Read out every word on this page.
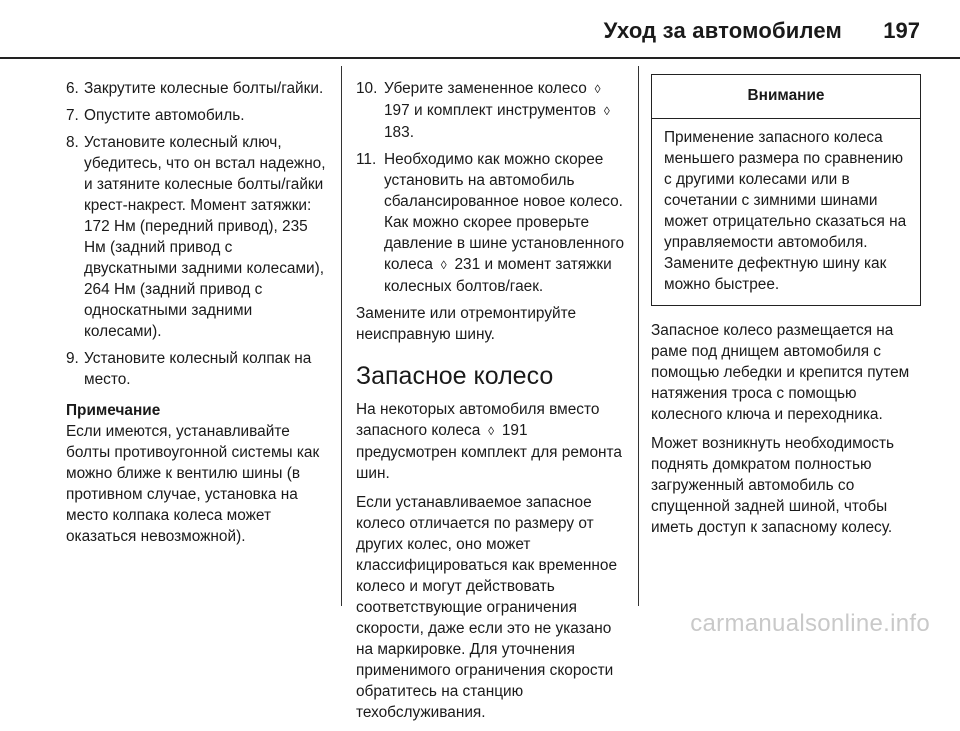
Уход за автомобилем 197
6. Закрутите колесные болты/гайки.
7. Опустите автомобиль.
8. Установите колесный ключ, убедитесь, что он встал надежно, и затяните колесные болты/гайки крест-накрест. Момент затяжки: 172 Нм (передний привод), 235 Нм (задний привод с двускатными задними колесами), 264 Нм (задний привод с односкатными задними колесами).
9. Установите колесный колпак на место.
Примечание
Если имеются, устанавливайте болты противоугонной системы как можно ближе к вентилю шины (в противном случае, установка на место колпака колеса может оказаться невозможной).
10. Уберите замененное колесо ◊ 197 и комплект инструментов ◊ 183.
11. Необходимо как можно скорее установить на автомобиль сбалансированное новое колесо. Как можно скорее проверьте давление в шине установленного колеса ◊ 231 и момент затяжки колесных болтов/гаек.
Замените или отремонтируйте неисправную шину.
Запасное колесо
На некоторых автомобиля вместо запасного колеса ◊ 191 предусмотрен комплект для ремонта шин.
Если устанавливаемое запасное колесо отличается по размеру от других колес, оно может классифицироваться как временное колесо и могут действовать соответствующие ограничения скорости, даже если это не указано на маркировке. Для уточнения применимого ограничения скорости обратитесь на станцию техобслуживания.
Внимание
Применение запасного колеса меньшего размера по сравнению с другими колесами или в сочетании с зимними шинами может отрицательно сказаться на управляемости автомобиля. Замените дефектную шину как можно быстрее.
Запасное колесо размещается на раме под днищем автомобиля с помощью лебедки и крепится путем натяжения троса с помощью колесного ключа и переходника.
Может возникнуть необходимость поднять домкратом полностью загруженный автомобиль со спущенной задней шиной, чтобы иметь доступ к запасному колесу.
carmanualsonline.info
